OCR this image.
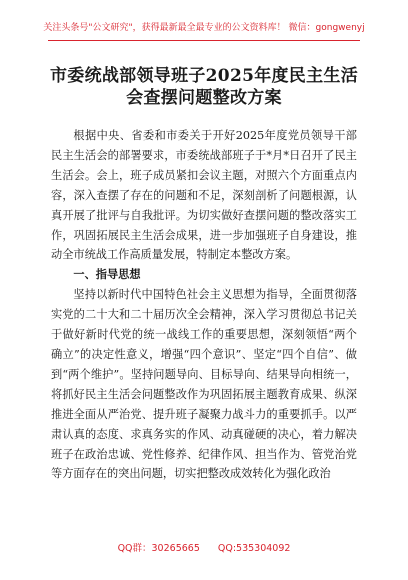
关注头条号"公文研究"，获得最新最全最专业的公文资料库！ 微信：gongwenyj
市委统战部领导班子2025年度民主生活
会查摆问题整改方案

根据中央、省委和市委关于开好2025年度党员领导干部民主生活会的部署要求，市委统战部班子于*月*日召开了民主生活会。会上，班子成员紧扣会议主题，对照六个方面重点内容，深入查摆了存在的问题和不足，深刻剖析了问题根源，认真开展了批评与自我批评。为切实做好查摆问题的整改落实工作，巩固拓展民主生活会成果，进一步加强班子自身建设，推动全市统战工作高质量发展，特制定本整改方案。

一、指导思想

坚持以新时代中国特色社会主义思想为指导，全面贯彻落实党的二十大和二十届历次全会精神，深入学习贯彻总书记关于做好新时代党的统一战线工作的重要思想，深刻领悟“两个确立”的决定性意义，增强“四个意识”、坚定“四个自信”、做到“两个维护”。坚持问题导向、目标导向、结果导向相统一，将抓好民主生活会问题整改作为巩固拓展主题教育成果、纵深推进全面从严治党、提升班子凝聚力战斗力的重要抓手。以严肃认真的态度、求真务实的作风、动真碰硬的决心，着力解决班子在政治忠诚、党性修养、纪律作风、担当作为、管党治党等方面存在的突出问题，切实把整改成效转化为强化政治

QQ群：30265665 QQ:535304092
